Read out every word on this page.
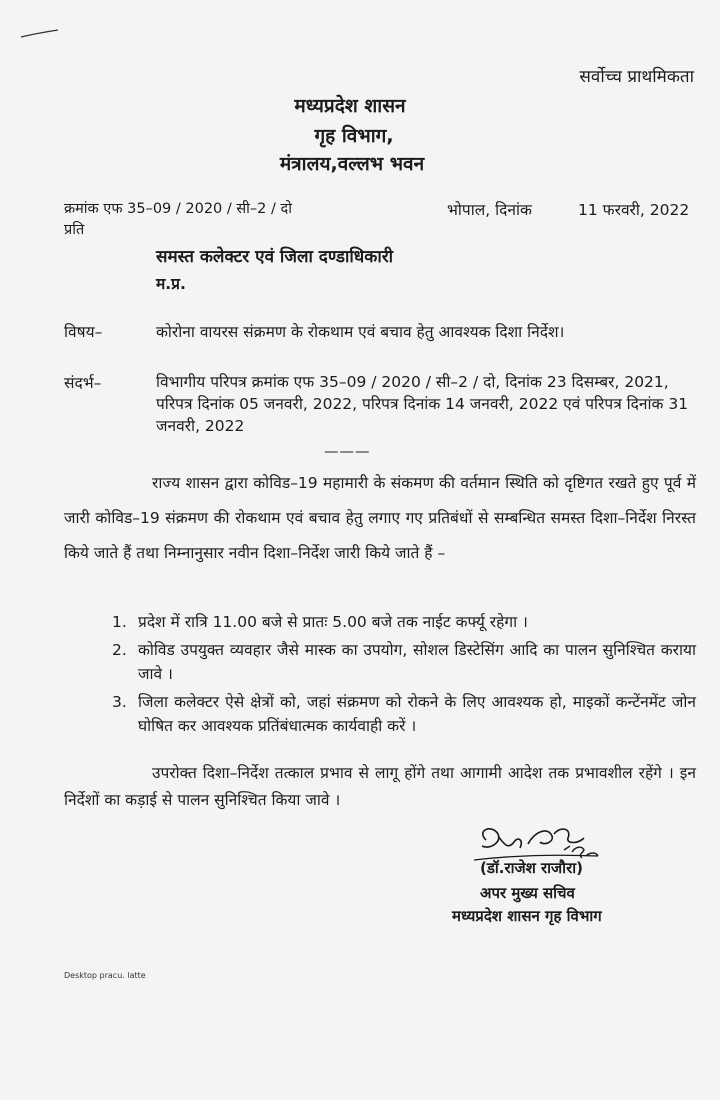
सर्वोच्च प्राथमिकता
मध्यप्रदेश शासन
गृह विभाग,
मंत्रालय,वल्लभ भवन
क्रमांक एफ 35–09 / 2020 / सी–2 / दो
प्रति
भोपाल, दिनांक	11 फरवरी, 2022
समस्त कलेक्टर एवं जिला दण्डाधिकारी
म.प्र.
विषय–	कोरोना वायरस संक्रमण के रोकथाम एवं बचाव हेतु आवश्यक दिशा निर्देश।
संदर्भ–	विभागीय परिपत्र क्रमांक एफ 35–09 / 2020 / सी–2 / दो, दिनांक 23 दिसम्बर, 2021, परिपत्र दिनांक 05 जनवरी, 2022, परिपत्र दिनांक 14 जनवरी, 2022 एवं परिपत्र दिनांक 31 जनवरी, 2022
———
राज्य शासन द्वारा कोविड–19 महामारी के संकमण की वर्तमान स्थिति को दृष्टिगत रखते हुए पूर्व में जारी कोविड–19 संक्रमण की रोकथाम एवं बचाव हेतु लगाए गए प्रतिबंधों से सम्बन्धित समस्त दिशा–निर्देश निरस्त किये जाते हैं तथा निम्नानुसार नवीन दिशा–निर्देश जारी किये जाते हैं –
1. प्रदेश में रात्रि 11.00 बजे से प्रातः 5.00 बजे तक नाईट कर्फ्यू रहेगा ।
2. कोविड उपयुक्त व्यवहार जैसे मास्क का उपयोग, सोशल डिस्टेसिंग आदि का पालन सुनिश्चित कराया जावे ।
3. जिला कलेक्टर ऐसे क्षेत्रों को, जहां संक्रमण को रोकने के लिए आवश्यक हो, माइकों कन्टेंनमेंट जोन घोषित कर आवश्यक प्रतिंबंधात्मक कार्यवाही करें ।
उपरोक्त दिशा–निर्देश तत्काल प्रभाव से लागू होंगे तथा आगामी आदेश तक प्रभावशील रहेंगे । इन निर्देशों का कड़ाई से पालन सुनिश्चित किया जावे ।
(डॉ.राजेश राजौरा)
अपर मुख्य सचिव
मध्यप्रदेश शासन गृह विभाग
Desktop pracu. latte
